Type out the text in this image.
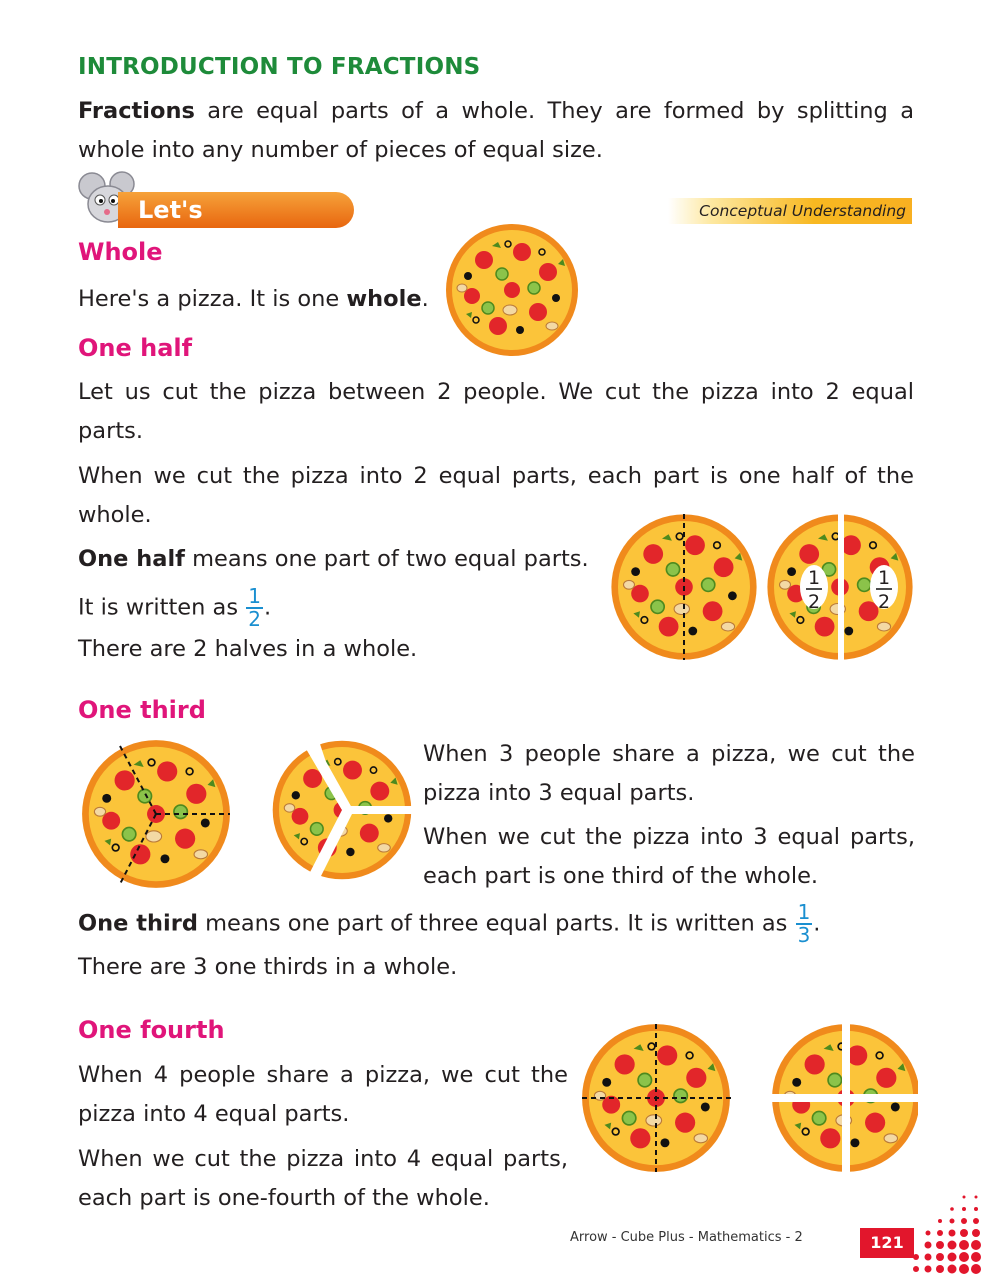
INTRODUCTION TO FRACTIONS

Fractions are equal parts of a whole. They are formed by splitting a whole into any number of pieces of equal size.

Let's Understand
Conceptual Understanding
Whole

Here's a pizza. It is one whole.

One half

Let us cut the pizza between 2 people. We cut the pizza into 2 equal parts.

When we cut the pizza into 2 equal parts, each part is one half of the whole.

One half means one part of two equal parts.

It is written as $\frac{1}{2}$ .

There are 2 halves in a whole.

1
2
1
2
One third

When 3 people share a pizza, we cut the pizza into 3 equal parts.

When we cut the pizza into 3 equal parts, each part is one third of the whole.

One third means one part of three equal parts. It is written as $\frac{1}{3}$ .

There are 3 one thirds in a whole.

One fourth

When 4 people share a pizza, we cut the pizza into 4 equal parts.

When we cut the pizza into 4 equal parts, each part is one-fourth of the whole.

Arrow - Cube Plus - Mathematics - 2	121
